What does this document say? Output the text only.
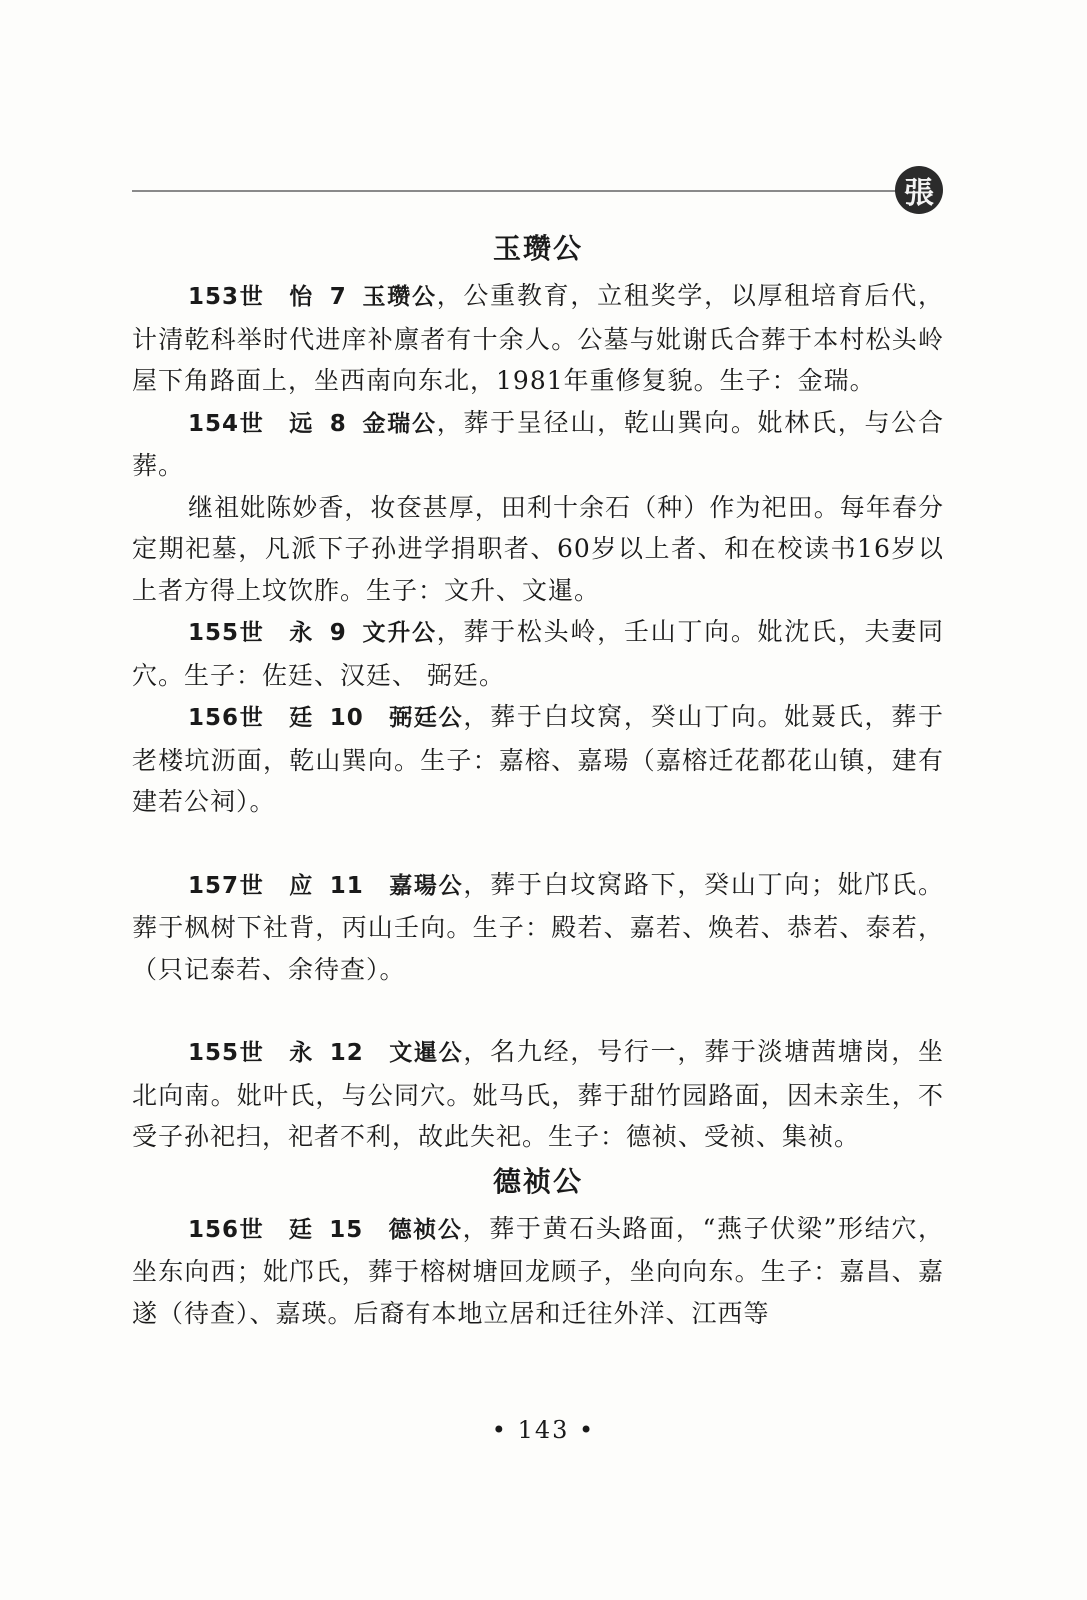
張
玉瓒公

153世　怡 7 玉瓒公，公重教育，立租奖学，以厚租培育后代，计清乾科举时代进庠补廪者有十余人。公墓与妣谢氏合葬于本村松头岭屋下角路面上，坐西南向东北，1981年重修复貌。生子：金瑞。

154世　远 8 金瑞公，葬于呈径山，乾山巽向。妣林氏，与公合葬。

继祖妣陈妙香，妆奁甚厚，田利十余石（种）作为祀田。每年春分定期祀墓，凡派下子孙进学捐职者、60岁以上者、和在校读书16岁以上者方得上坟饮胙。生子：文升、文暹。

155世　永 9 文升公，葬于松头岭，壬山丁向。妣沈氏，夫妻同穴。生子：佐廷、汉廷、 弼廷。

156世　廷 10　弼廷公，葬于白坟窝，癸山丁向。妣聂氏，葬于老楼坑沥面，乾山巽向。生子：嘉榕、嘉瑒（嘉榕迁花都花山镇，建有建若公祠）。

157世　应 11　嘉瑒公，葬于白坟窝路下，癸山丁向；妣邝氏。葬于枫树下社背，丙山壬向。生子：殿若、嘉若、焕若、恭若、泰若，（只记泰若、余待查）。

155世　永 12　文暹公，名九经，号行一，葬于淡塘茜塘岗，坐北向南。妣叶氏，与公同穴。妣马氏，葬于甜竹园路面，因未亲生，不受子孙祀扫，祀者不利，故此失祀。生子：德祯、受祯、集祯。

德祯公

156世　廷 15　德祯公，葬于黄石头路面，“燕子伏梁”形结穴，坐东向西；妣邝氏，葬于榕树塘回龙顾子，坐向向东。生子：嘉昌、嘉遂（待查）、嘉瑛。后裔有本地立居和迁往外洋、江西等

• 143 •
